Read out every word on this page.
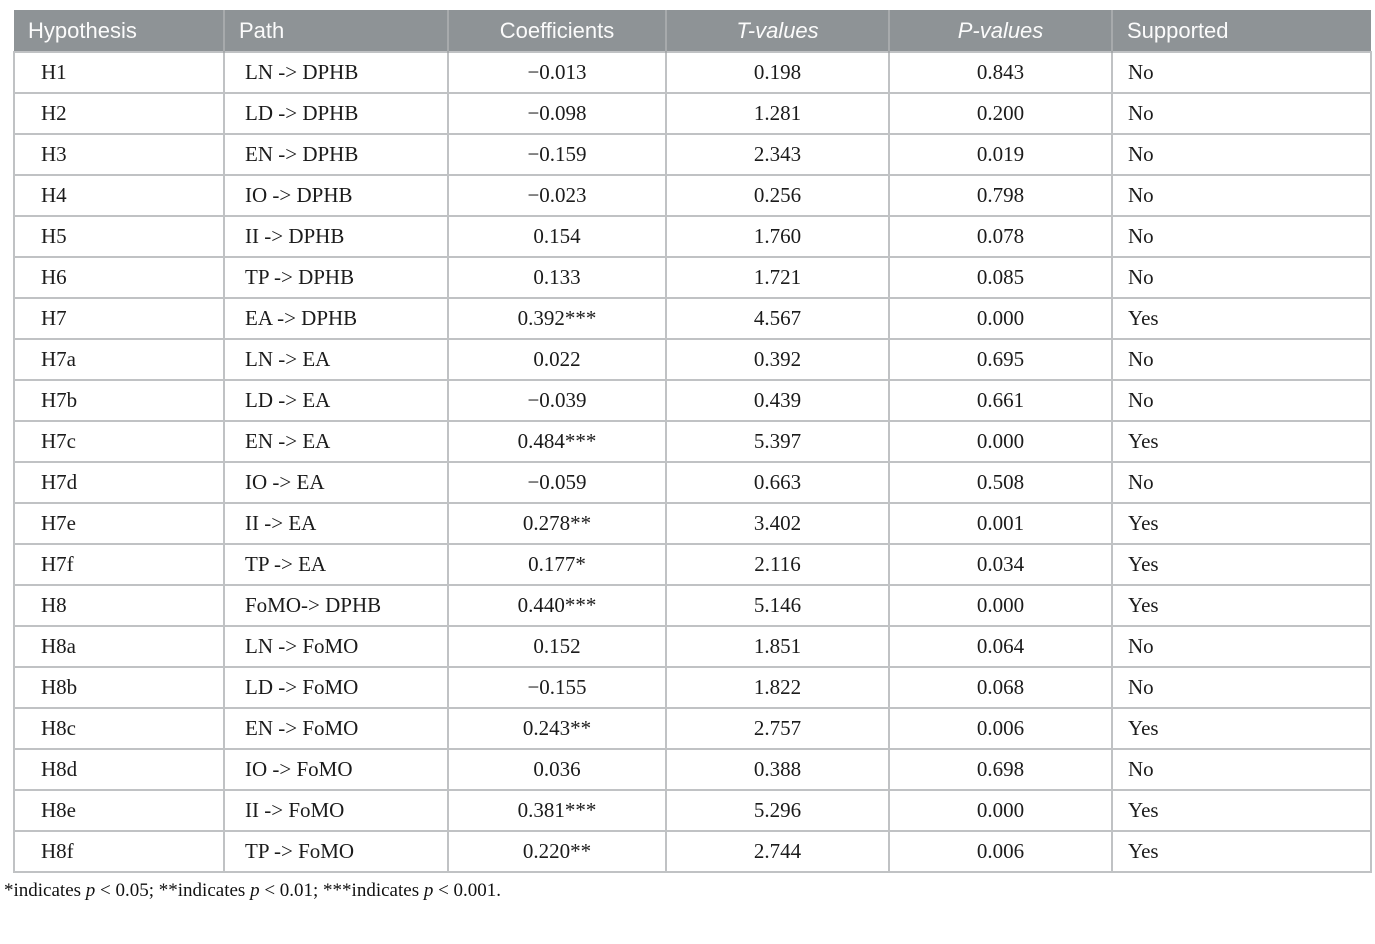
Hypothesis	Path	Coefficients	T-values	P-values	Supported
H1	LN -> DPHB	−0.013	0.198	0.843	No
H2	LD -> DPHB	−0.098	1.281	0.200	No
H3	EN -> DPHB	−0.159	2.343	0.019	No
H4	IO -> DPHB	−0.023	0.256	0.798	No
H5	II -> DPHB	0.154	1.760	0.078	No
H6	TP -> DPHB	0.133	1.721	0.085	No
H7	EA -> DPHB	0.392***	4.567	0.000	Yes
H7a	LN -> EA	0.022	0.392	0.695	No
H7b	LD -> EA	−0.039	0.439	0.661	No
H7c	EN -> EA	0.484***	5.397	0.000	Yes
H7d	IO -> EA	−0.059	0.663	0.508	No
H7e	II -> EA	0.278**	3.402	0.001	Yes
H7f	TP -> EA	0.177*	2.116	0.034	Yes
H8	FoMO-> DPHB	0.440***	5.146	0.000	Yes
H8a	LN -> FoMO	0.152	1.851	0.064	No
H8b	LD -> FoMO	−0.155	1.822	0.068	No
H8c	EN -> FoMO	0.243**	2.757	0.006	Yes
H8d	IO -> FoMO	0.036	0.388	0.698	No
H8e	II -> FoMO	0.381***	5.296	0.000	Yes
H8f	TP -> FoMO	0.220**	2.744	0.006	Yes

*indicates p < 0.05; **indicates p < 0.01; ***indicates p < 0.001.
